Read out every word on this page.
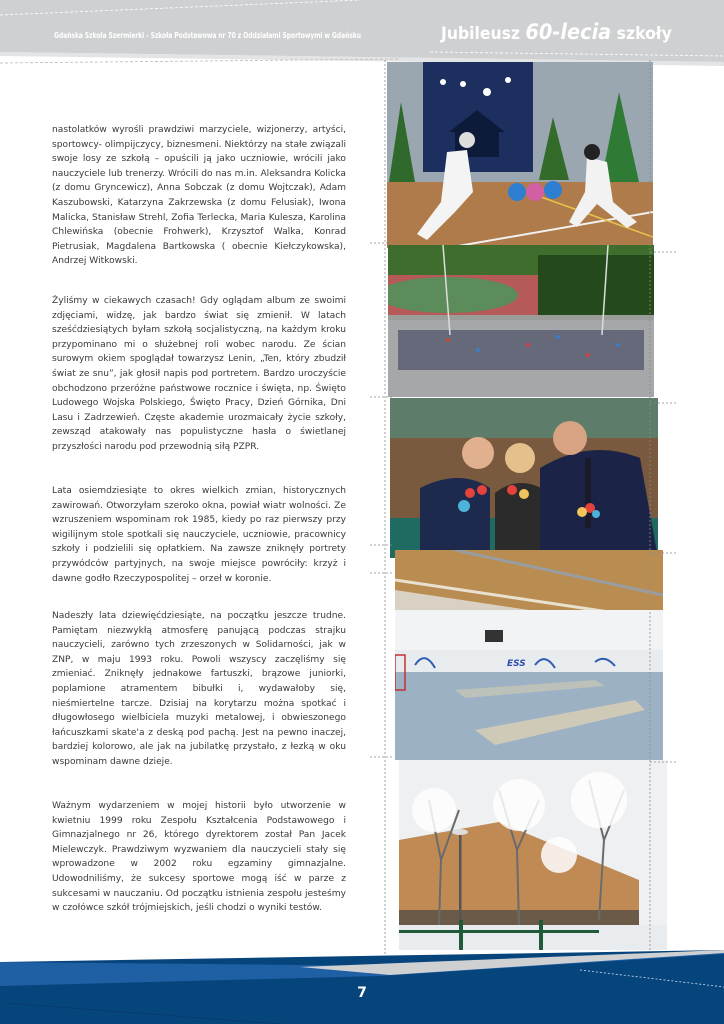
Gdańska Szkoła Szermierki - Szkoła Podstawowa nr 70 z Oddziałami Sportowymi w Gdańsku	Jubileusz 60-lecia szkoły

nastolatków wyrośli prawdziwi marzyciele, wizjonerzy, artyści, sportowcy- olimpijczycy, biznesmeni. Niektórzy na stałe związali swoje losy ze szkołą – opuścili ją jako uczniowie, wrócili jako nauczyciele lub trenerzy. Wrócili do nas m.in. Aleksandra Kolicka (z domu Gryncewicz), Anna Sobczak (z domu Wojtczak), Adam Kaszubowski, Katarzyna Zakrzewska (z domu Felusiak), Iwona Malicka, Stanisław Strehl, Zofia Terlecka, Maria Kulesza, Karolina Chlewińska (obecnie Frohwerk), Krzysztof Walka, Konrad Pietrusiak, Magdalena Bartkowska ( obecnie Kiełczykowska), Andrzej Witkowski.

Żyliśmy w ciekawych czasach! Gdy oglądam album ze swoimi zdjęciami, widzę, jak bardzo świat się zmienił. W latach sześćdziesiątych byłam szkołą socjalistyczną, na każdym kroku przypominano mi o służebnej roli wobec narodu. Ze ścian surowym okiem spoglądał towarzysz Lenin, „Ten, który zbudził świat ze snu”, jak głosił napis pod portretem. Bardzo uroczyście obchodzono przeróżne państwowe rocznice i święta, np. Święto Ludowego Wojska Polskiego, Święto Pracy, Dzień Górnika, Dni Lasu i Zadrzewień. Częste akademie urozmaicały życie szkoły, zewsząd atakowały nas populistyczne hasła o świetlanej przyszłości narodu pod przewodnią siłą PZPR.

Lata osiemdziesiąte to okres wielkich zmian, historycznych zawirowań. Otworzyłam szeroko okna, powiał wiatr wolności. Ze wzruszeniem wspominam rok 1985, kiedy po raz pierwszy przy wigilijnym stole spotkali się nauczyciele, uczniowie, pracownicy szkoły i podzielili się opłatkiem. Na zawsze zniknęły portrety przywódców partyjnych, na swoje miejsce powróciły: krzyż i dawne godło Rzeczypospolitej – orzeł w koronie.

Nadeszły lata dziewięćdziesiąte, na początku jeszcze trudne. Pamiętam niezwykłą atmosferę panującą podczas strajku nauczycieli, zarówno tych zrzeszonych w Solidarności, jak w ZNP, w maju 1993 roku. Powoli wszyscy zaczęliśmy się zmieniać. Zniknęły jednakowe fartuszki, brązowe juniorki, poplamione atramentem bibułki i, wydawałoby się, nieśmiertelne tarcze. Dzisiaj na korytarzu można spotkać i długowłosego wielbiciela muzyki metalowej, i obwieszonego łańcuszkami skate'a z deską pod pachą. Jest na pewno inaczej, bardziej kolorowo, ale jak na jubilatkę przystało, z łezką w oku wspominam dawne dzieje.

Ważnym wydarzeniem w mojej historii było utworzenie w kwietniu 1999 roku Zespołu Kształcenia Podstawowego i Gimnazjalnego nr 26, którego dyrektorem został Pan Jacek Mielewczyk. Prawdziwym wyzwaniem dla nauczycieli stały się wprowadzone w 2002 roku egzaminy gimnazjalne. Udowodniliśmy, że sukcesy sportowe mogą iść w parze z sukcesami w nauczaniu. Od początku istnienia zespołu jesteśmy w czołówce szkół trójmiejskich, jeśli chodzi o wyniki testów.

ESS
7
